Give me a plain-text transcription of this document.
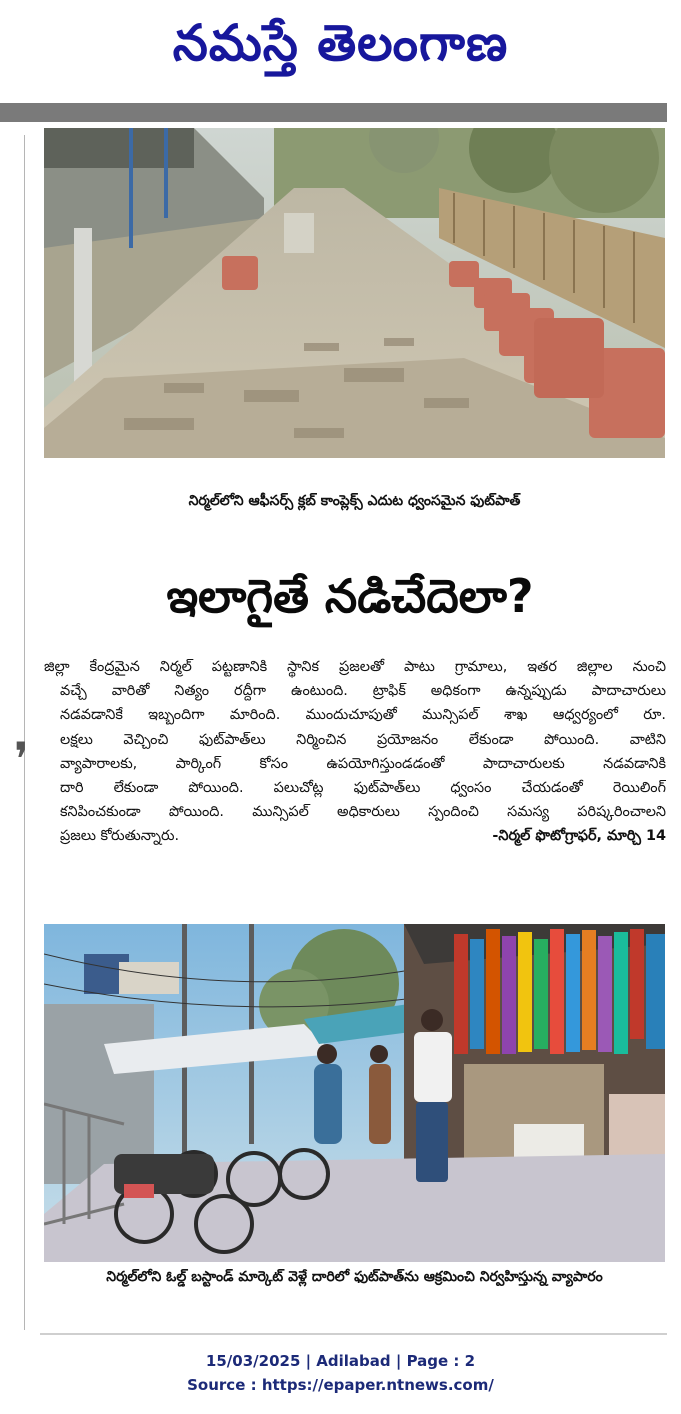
నమస్తే తెలంగాణ
❜
నిర్మల్‌లోని ఆఫీసర్స్‌ క్లబ్‌ కాంప్లెక్స్‌ ఎదుట ధ్వంసమైన ఫుట్‌పాత్‌
ఇలాగైతే నడిచేదెలా?
జిల్లా కేంద్రమైన నిర్మల్‌ పట్టణానికి స్థానిక ప్రజలతో పాటు గ్రామాలు, ఇతర జిల్లాల నుంచి
వచ్చే వారితో నిత్యం రద్దీగా ఉంటుంది. ట్రాఫిక్‌ అధికంగా ఉన్నప్పుడు పాదాచారులు
నడవడానికే ఇబ్బందిగా మారింది. ముందుచూపుతో మున్సిపల్‌ శాఖ ఆధ్వర్యంలో రూ.
లక్షలు వెచ్చించి ఫుట్‌పాత్‌లు నిర్మించిన ప్రయోజనం లేకుండా పోయింది. వాటిని
వ్యాపారాలకు, పార్కింగ్‌ కోసం ఉపయోగిస్తుండడంతో పాదాచారులకు నడవడానికి
దారి లేకుండా పోయింది. పలుచోట్ల ఫుట్‌పాత్‌లు ధ్వంసం చేయడంతో రెయిలింగ్‌
కనిపించకుండా పోయింది. మున్సిపల్‌ అధికారులు స్పందించి సమస్య పరిష్కరించాలని
ప్రజలు కోరుతున్నారు.	-నిర్మల్‌ ఫొటోగ్రాఫర్‌, మార్చి 14
నిర్మల్‌లోని ఓల్డ్‌ బస్టాండ్‌ మార్కెట్‌ వెళ్లే దారిలో ఫుట్‌పాత్‌ను ఆక్రమించి నిర్వహిస్తున్న వ్యాపారం
15/03/2025 | Adilabad | Page : 2
Source : https://epaper.ntnews.com/
